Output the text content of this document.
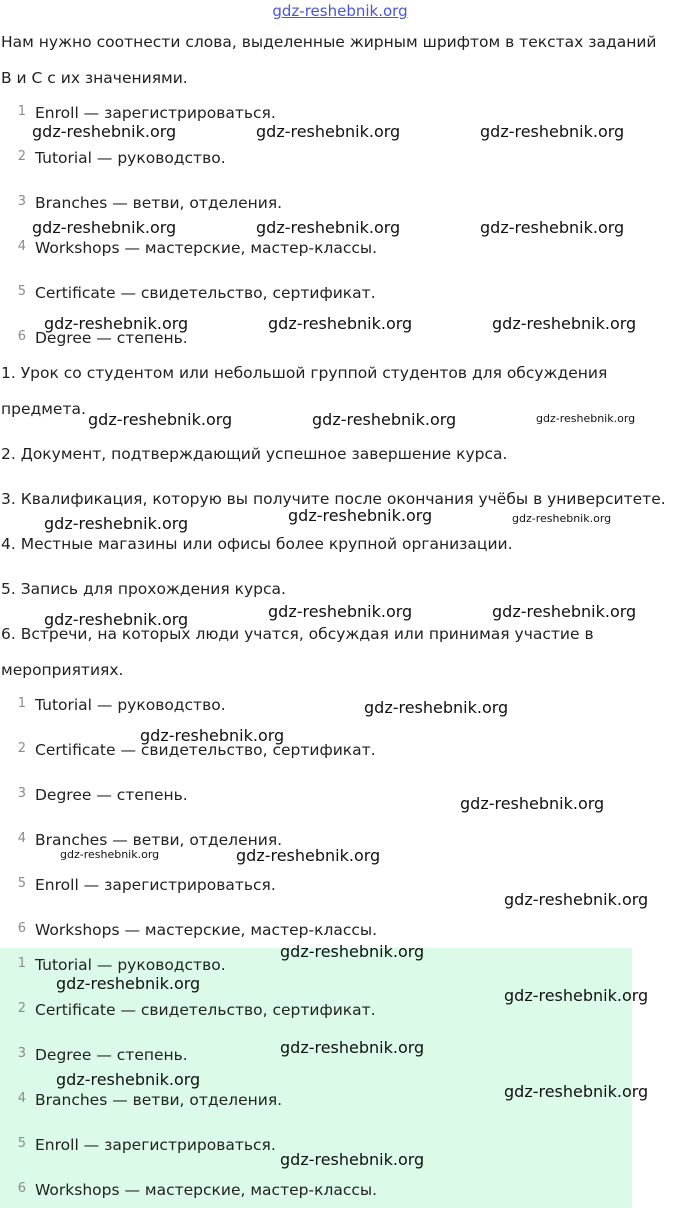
gdz-reshebnik.org
Нам нужно соотнести слова, выделенные жирным шрифтом в текстах заданий
В и С с их значениями.
1 Enroll — зарегистрироваться.
2 Tutorial — руководство.
3 Branches — ветви, отделения.
4 Workshops — мастерские, мастер-классы.
5 Certificate — свидетельство, сертификат.
6 Degree — степень.
1. Урок со студентом или небольшой группой студентов для обсуждения
предмета.
2. Документ, подтверждающий успешное завершение курса.
3. Квалификация, которую вы получите после окончания учёбы в университете.
4. Местные магазины или офисы более крупной организации.
5. Запись для прохождения курса.
6. Встречи, на которых люди учатся, обсуждая или принимая участие в
мероприятиях.
1 Tutorial — руководство.
2 Certificate — свидетельство, сертификат.
3 Degree — степень.
4 Branches — ветви, отделения.
5 Enroll — зарегистрироваться.
6 Workshops — мастерские, мастер-классы.
1 Tutorial — руководство.
2 Certificate — свидетельство, сертификат.
3 Degree — степень.
4 Branches — ветви, отделения.
5 Enroll — зарегистрироваться.
6 Workshops — мастерские, мастер-классы.
gdz-reshebnik.org	gdz-reshebnik.org	gdz-reshebnik.org
gdz-reshebnik.org	gdz-reshebnik.org	gdz-reshebnik.org
gdz-reshebnik.org	gdz-reshebnik.org	gdz-reshebnik.org
gdz-reshebnik.org	gdz-reshebnik.org	gdz-reshebnik.org
gdz-reshebnik.org	gdz-reshebnik.org	gdz-reshebnik.org
gdz-reshebnik.org	gdz-reshebnik.org	gdz-reshebnik.org
gdz-reshebnik.org
gdz-reshebnik.org
gdz-reshebnik.org
gdz-reshebnik.org	gdz-reshebnik.org
gdz-reshebnik.org
gdz-reshebnik.org
gdz-reshebnik.org
gdz-reshebnik.org
gdz-reshebnik.org
gdz-reshebnik.org
gdz-reshebnik.org
gdz-reshebnik.org
